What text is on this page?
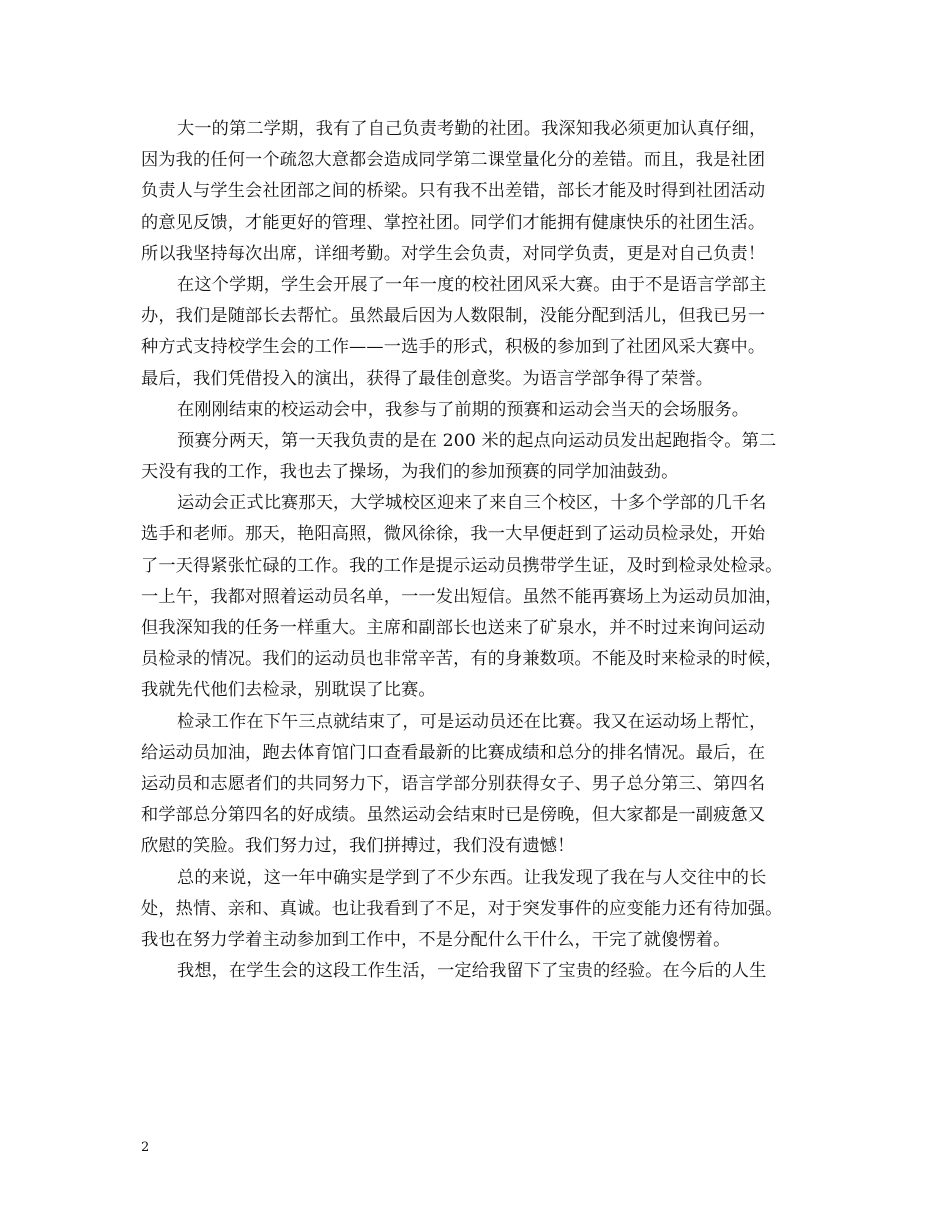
大一的第二学期，我有了自己负责考勤的社团。我深知我必须更加认真仔细，
因为我的任何一个疏忽大意都会造成同学第二课堂量化分的差错。而且，我是社团
负责人与学生会社团部之间的桥梁。只有我不出差错，部长才能及时得到社团活动
的意见反馈，才能更好的管理、掌控社团。同学们才能拥有健康快乐的社团生活。
所以我坚持每次出席，详细考勤。对学生会负责，对同学负责，更是对自己负责！
在这个学期，学生会开展了一年一度的校社团风采大赛。由于不是语言学部主
办，我们是随部长去帮忙。虽然最后因为人数限制，没能分配到活儿，但我已另一
种方式支持校学生会的工作——一选手的形式，积极的参加到了社团风采大赛中。
最后，我们凭借投入的演出，获得了最佳创意奖。为语言学部争得了荣誉。
在刚刚结束的校运动会中，我参与了前期的预赛和运动会当天的会场服务。
预赛分两天，第一天我负责的是在 200 米的起点向运动员发出起跑指令。第二
天没有我的工作，我也去了操场，为我们的参加预赛的同学加油鼓劲。
运动会正式比赛那天，大学城校区迎来了来自三个校区，十多个学部的几千名
选手和老师。那天，艳阳高照，微风徐徐，我一大早便赶到了运动员检录处，开始
了一天得紧张忙碌的工作。我的工作是提示运动员携带学生证，及时到检录处检录。
一上午，我都对照着运动员名单，一一发出短信。虽然不能再赛场上为运动员加油，
但我深知我的任务一样重大。主席和副部长也送来了矿泉水，并不时过来询问运动
员检录的情况。我们的运动员也非常辛苦，有的身兼数项。不能及时来检录的时候，
我就先代他们去检录，别耽误了比赛。
检录工作在下午三点就结束了，可是运动员还在比赛。我又在运动场上帮忙，
给运动员加油，跑去体育馆门口查看最新的比赛成绩和总分的排名情况。最后，在
运动员和志愿者们的共同努力下，语言学部分别获得女子、男子总分第三、第四名
和学部总分第四名的好成绩。虽然运动会结束时已是傍晚，但大家都是一副疲惫又
欣慰的笑脸。我们努力过，我们拼搏过，我们没有遗憾！
总的来说，这一年中确实是学到了不少东西。让我发现了我在与人交往中的长
处，热情、亲和、真诚。也让我看到了不足，对于突发事件的应变能力还有待加强。
我也在努力学着主动参加到工作中，不是分配什么干什么，干完了就傻愣着。
我想，在学生会的这段工作生活，一定给我留下了宝贵的经验。在今后的人生
2
